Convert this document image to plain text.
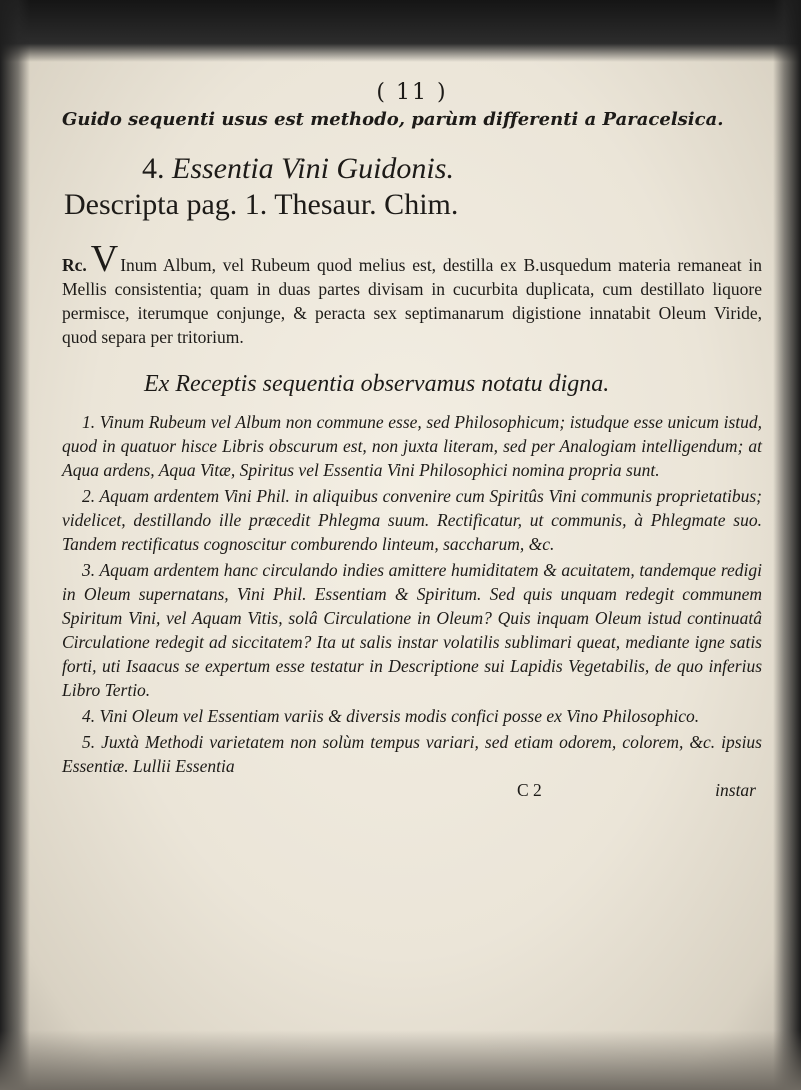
( 11 )
Guido sequenti usus est methodo, parùm differenti a Paracelsica.
4. Essentia Vini Guidonis.
Descripta pag. 1. Thesaur. Chim.
Rc. V Inum Album, vel Rubeum quod melius est, destilla ex B.usquedum materia remaneat in Mellis consistentia; quam in duas partes divisam in cucurbita duplicata, cum destillato liquore permisce, iterumque conjunge, & peracta sex septimanarum digistione innatabit Oleum Viride, quod separa per tritorium.
Ex Receptis sequentia observamus notatu digna.
1. Vinum Rubeum vel Album non commune esse, sed Philosophicum; istudque esse unicum istud, quod in quatuor hisce Libris obscurum est, non juxta literam, sed per Analogiam intelligendum; at Aqua ardens, Aqua Vitæ, Spiritus vel Essentia Vini Philosophici nomina propria sunt.
2. Aquam ardentem Vini Phil. in aliquibus convenire cum Spiritûs Vini communis proprietatibus; videlicet, destillando ille præcedit Phlegma suum. Rectificatur, ut communis, à Phlegmate suo. Tandem rectificatus cognoscitur comburendo linteum, saccharum, &c.
3. Aquam ardentem hanc circulando indies amittere humiditatem & acuitatem, tandemque redigi in Oleum supernatans, Vini Phil. Essentiam & Spiritum. Sed quis unquam redegit communem Spiritum Vini, vel Aquam Vitis, solâ Circulatione in Oleum? Quis inquam Oleum istud continuatâ Circulatione redegit ad siccitatem? Ita ut salis instar volatilis sublimari queat, mediante igne satis forti, uti Isaacus se expertum esse testatur in Descriptione sui Lapidis Vegetabilis, de quo inferius Libro Tertio.
4. Vini Oleum vel Essentiam variis & diversis modis confici posse ex Vino Philosophico.
5. Juxtà Methodi varietatem non solùm tempus variari, sed etiam odorem, colorem, &c. ipsius Essentiæ. Lullii Essentia
C 2	instar
